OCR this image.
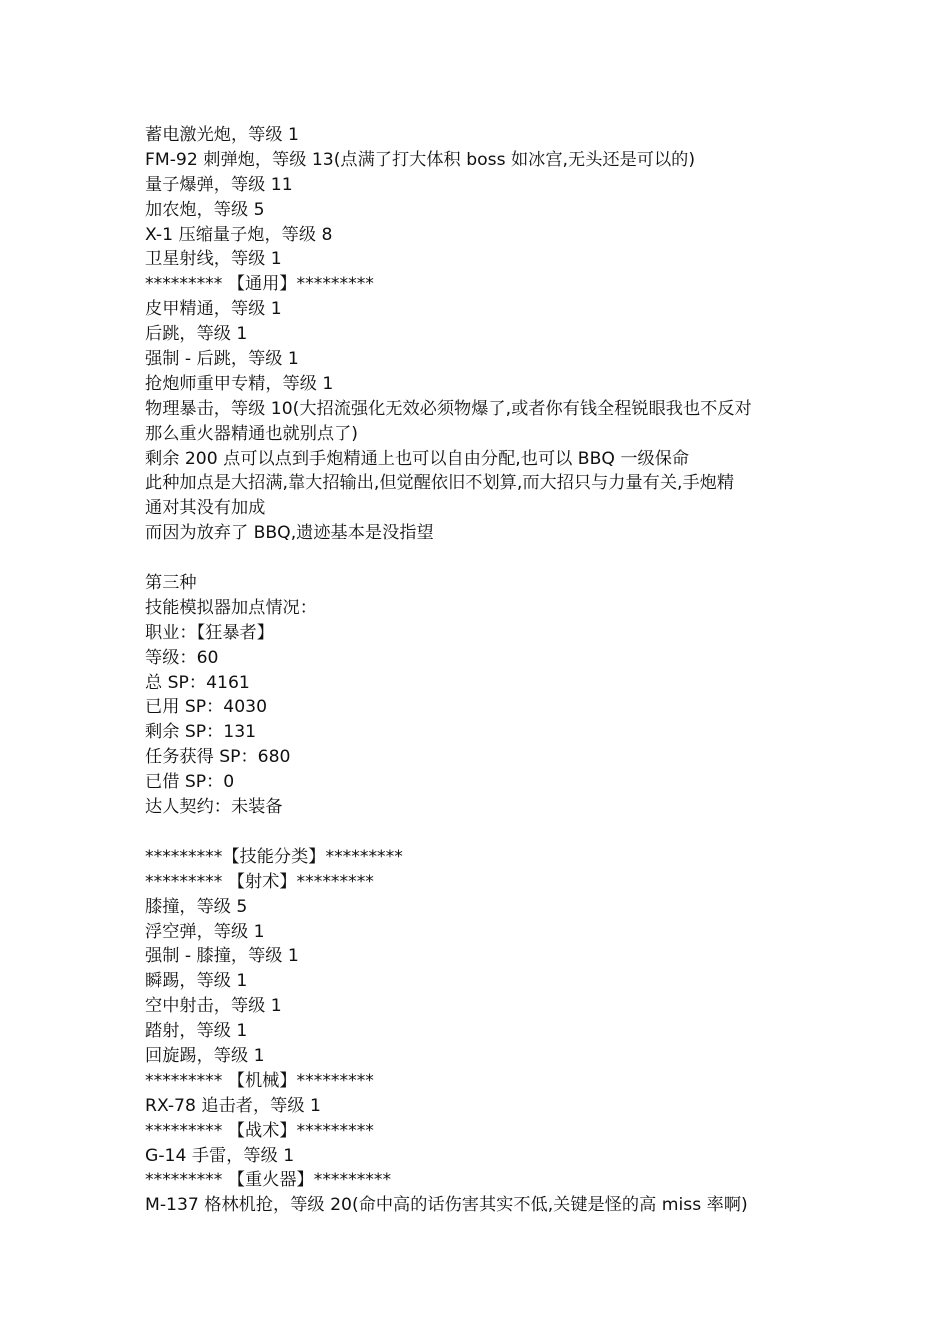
蓄电激光炮，等级 1
FM-92 刺弹炮，等级 13(点满了打大体积 boss 如冰宫,无头还是可以的)
量子爆弹，等级 11
加农炮，等级 5
X-1 压缩量子炮，等级 8
卫星射线，等级 1
********* 【通用】*********
皮甲精通，等级 1
后跳，等级 1
强制 - 后跳，等级 1
抢炮师重甲专精，等级 1
物理暴击，等级 10(大招流强化无效必须物爆了,或者你有钱全程锐眼我也不反对
那么重火器精通也就别点了)
剩余 200 点可以点到手炮精通上也可以自由分配,也可以 BBQ 一级保命
此种加点是大招满,靠大招输出,但觉醒依旧不划算,而大招只与力量有关,手炮精
通对其没有加成
而因为放弃了 BBQ,遗迹基本是没指望
第三种
技能模拟器加点情况：
职业：【狂暴者】
等级：60
总 SP：4161
已用 SP：4030
剩余 SP：131
任务获得 SP：680
已借 SP：0
达人契约：未装备
*********【技能分类】*********
********* 【射术】*********
膝撞，等级 5
浮空弹，等级 1
强制 - 膝撞，等级 1
瞬踢，等级 1
空中射击，等级 1
踏射，等级 1
回旋踢，等级 1
********* 【机械】*********
RX-78 追击者，等级 1
********* 【战术】*********
G-14 手雷，等级 1
********* 【重火器】*********
M-137 格林机抢，等级 20(命中高的话伤害其实不低,关键是怪的高 miss 率啊)
